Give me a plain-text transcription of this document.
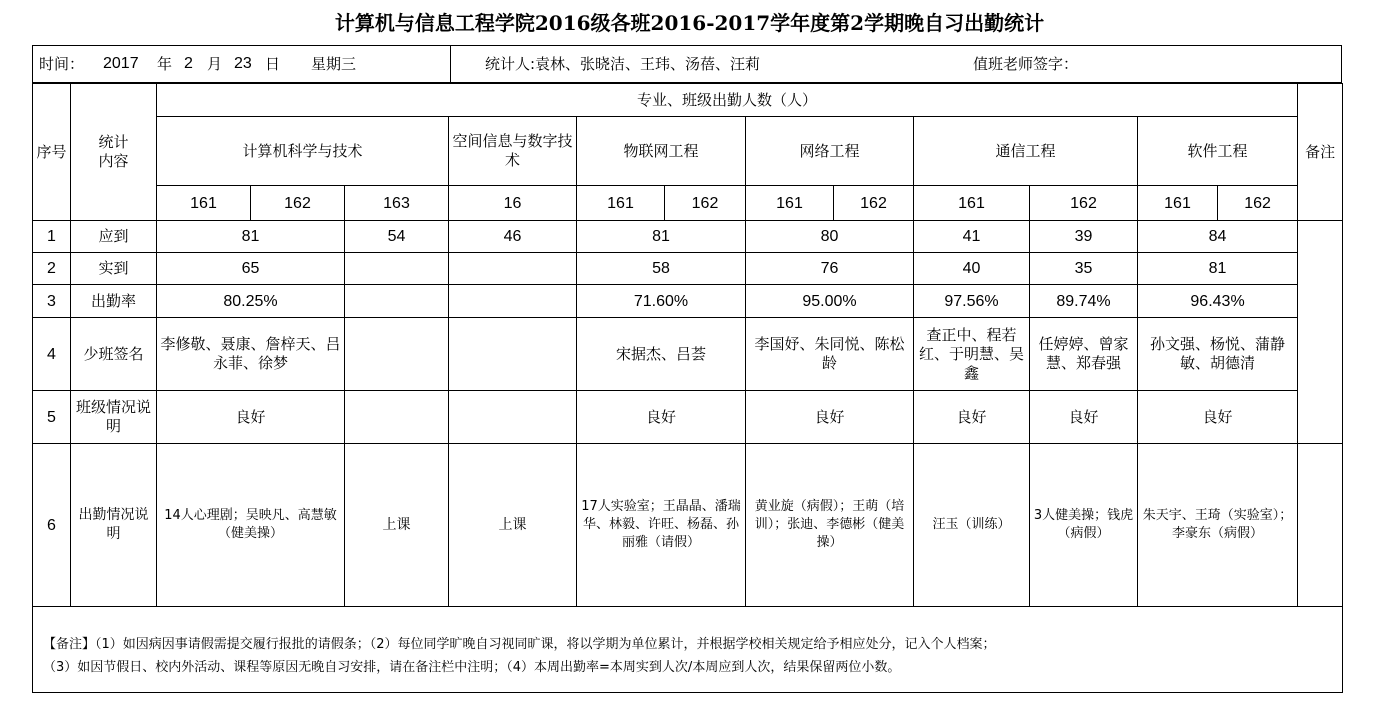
计算机与信息工程学院2016级各班2016-2017学年度第2学期晚自习出勤统计
时间： 2017 年 2 月 23 日 星期三	统计人:袁林、张晓洁、王玮、汤蓓、汪莉	值班老师签字：
序号	统计内容	专业、班级出勤人数（人）												备注
		计算机科学与技术			空间信息与数字技术	物联网工程		网络工程		通信工程		软件工程		
		161	162	163	16	161	162	161	162	161	162	161	162	
1	应到	81		54	46	81		80		41	39	84		
2	实到	65				58		76		40	35	81		
3	出勤率	80.25%				71.60%		95.00%		97.56%	89.74%	96.43%		
4	少班签名	李修敬、聂康、詹梓天、吕永菲、徐梦				宋据杰、吕荟		李国妤、朱同悦、陈松龄		查正中、程若红、于明慧、吴鑫	任婷婷、曾家慧、郑春强	孙文强、杨悦、蒲静敏、胡德清		
5	班级情况说明	良好				良好		良好		良好	良好	良好		
6	出勤情况说明	14人心理剧；吴映凡、高慧敏（健美操）		上课	上课	17人实验室；王晶晶、潘瑞华、林毅、许旺、杨磊、孙丽雅（请假）		黄业旋（病假）；王萌（培训）；张迪、李德彬（健美操）		汪玉（训练）	3人健美操；钱虎（病假）	朱天宇、王琦（实验室）；李豪东（病假）		

【备注】（1）如因病因事请假需提交履行报批的请假条；（2）每位同学旷晚自习视同旷课，将以学期为单位累计，并根据学校相关规定给予相应处分，记入个人档案；
（3）如因节假日、校内外活动、课程等原因无晚自习安排，请在备注栏中注明；（4）本周出勤率=本周实到人次/本周应到人次，结果保留两位小数。														
